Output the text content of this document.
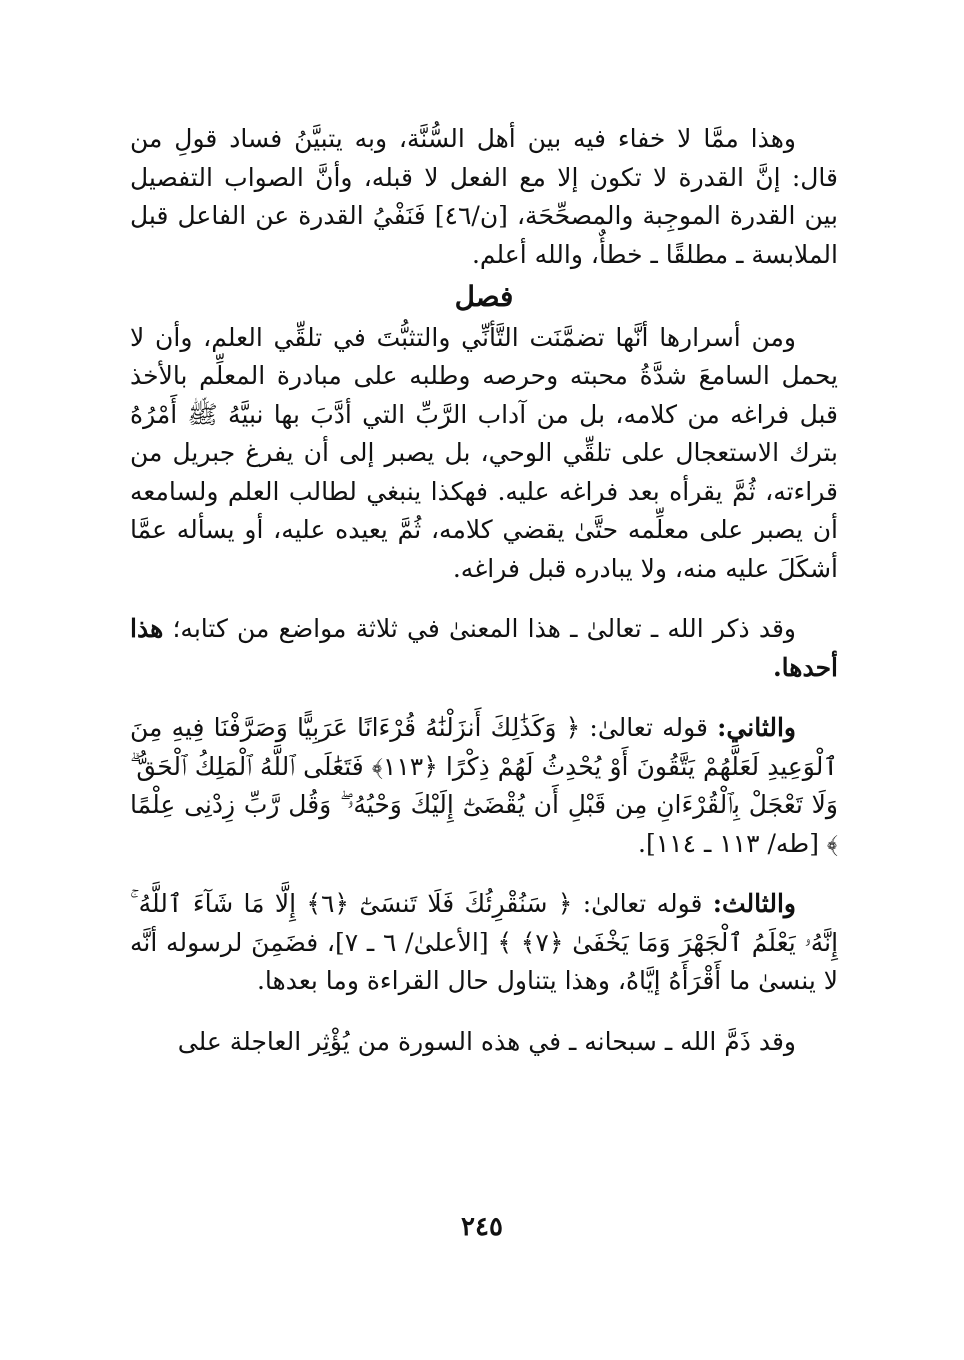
وهذا ممَّا لا خفاء فيه بين أهل السُّنَّة، وبه يتبيَّنُ فساد قولِ من قال: إنَّ القدرة لا تكون إلا مع الفعل لا قبله، وأنَّ الصواب التفصيل بين القدرة الموجِبة والمصحِّحَة، [ن/٤٦] فَنَفْيُ القدرة عن الفاعل قبل الملابسة ـ مطلقًا ـ خطأٌ، والله أعلم.

فصل

ومن أسرارها أنَّها تضمَّنَت التَّأنِّي والتثبُّتَ في تلقِّي العلم، وأن لا يحمل السامعَ شدَّةُ محبته وحرصه وطلبه على مبادرة المعلِّم بالأخذ قبل فراغه من كلامه، بل من آداب الرَّبِّ التي أدَّبَ بها نبيَّهُ ﷺ أَمْرُهُ بترك الاستعجال على تلقِّي الوحي، بل يصبر إلى أن يفرغ جبريل من قراءته، ثُمَّ يقرأه بعد فراغه عليه. فهكذا ينبغي لطالب العلم ولسامعه أن يصبر على معلِّمه حتَّىٰ يقضي كلامه، ثُمَّ يعيده عليه، أو يسأله عمَّا أشكَلَ عليه منه، ولا يبادره قبل فراغه.

وقد ذكر الله ـ تعالىٰ ـ هذا المعنىٰ في ثلاثة مواضع من كتابه؛ هذا أحدها.

والثاني: قوله تعالىٰ: ﴿ وَكَذَٰلِكَ أَنزَلْنَٰهُ قُرْءَانًا عَرَبِيًّا وَصَرَّفْنَا فِيهِ مِنَ ٱلْوَعِيدِ لَعَلَّهُمْ يَتَّقُونَ أَوْ يُحْدِثُ لَهُمْ ذِكْرًا ﴿١١٣﴾ فَتَعَٰلَى ٱللَّهُ ٱلْمَلِكُ ٱلْحَقُّ ۗ وَلَا تَعْجَلْ بِٱلْقُرْءَانِ مِن قَبْلِ أَن يُقْضَىٰٓ إِلَيْكَ وَحْيُهُۥ ۖ وَقُل رَّبِّ زِدْنِى عِلْمًا ﴾ [طه/ ١١٣ ـ ١١٤].

والثالث: قوله تعالىٰ: ﴿ سَنُقْرِئُكَ فَلَا تَنسَىٰٓ ﴿٦﴾ إِلَّا مَا شَآءَ ٱللَّهُ ۚ إِنَّهُۥ يَعْلَمُ ٱلْجَهْرَ وَمَا يَخْفَىٰ ﴿٧﴾ ﴾ [الأعلىٰ/ ٦ ـ ٧]، فضَمِنَ لرسوله أنَّه لا ينسىٰ ما أَقْرَأَهُ إيَّاهُ، وهذا يتناول حال القراءة وما بعدها.

وقد ذَمَّ الله ـ سبحانه ـ في هذه السورة من يُؤْثِر العاجلة على

٢٤٥
